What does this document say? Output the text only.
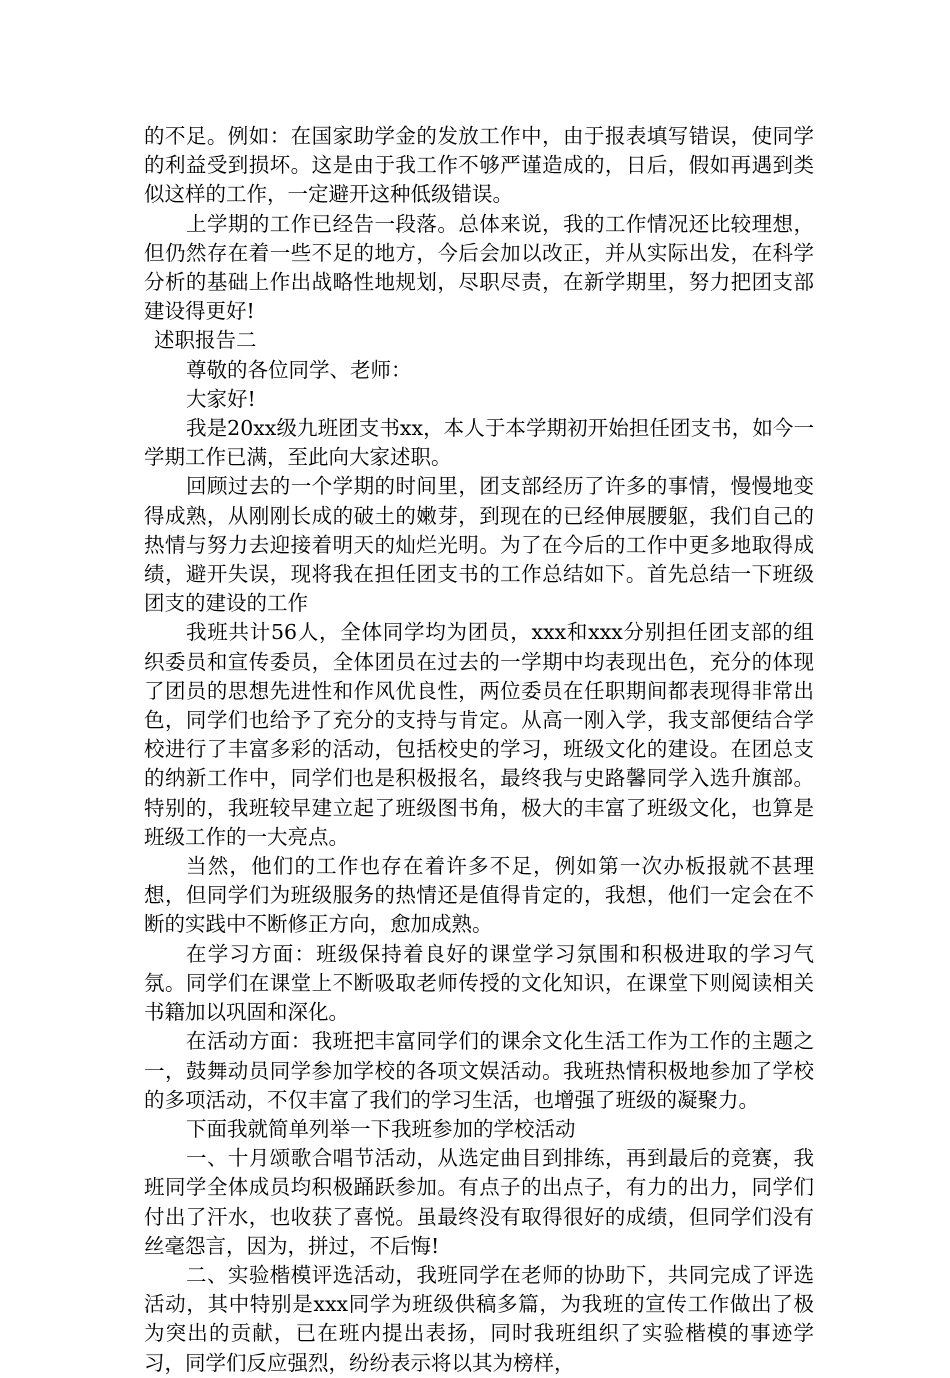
的不足。例如：在国家助学金的发放工作中，由于报表填写错误，使同学的利益受到损坏。这是由于我工作不够严谨造成的，日后，假如再遇到类似这样的工作，一定避开这种低级错误。

上学期的工作已经告一段落。总体来说，我的工作情况还比较理想，但仍然存在着一些不足的地方，今后会加以改正，并从实际出发，在科学分析的基础上作出战略性地规划，尽职尽责，在新学期里，努力把团支部建设得更好!

述职报告二

尊敬的各位同学、老师：

大家好!

我是20xx级九班团支书xx，本人于本学期初开始担任团支书，如今一学期工作已满，至此向大家述职。

回顾过去的一个学期的时间里，团支部经历了许多的事情，慢慢地变得成熟，从刚刚长成的破土的嫩芽，到现在的已经伸展腰躯，我们自己的热情与努力去迎接着明天的灿烂光明。为了在今后的工作中更多地取得成绩，避开失误，现将我在担任团支书的工作总结如下。首先总结一下班级团支的建设的工作

我班共计56人，全体同学均为团员，xxx和xxx分别担任团支部的组织委员和宣传委员，全体团员在过去的一学期中均表现出色，充分的体现了团员的思想先进性和作风优良性，两位委员在任职期间都表现得非常出色，同学们也给予了充分的支持与肯定。从高一刚入学，我支部便结合学校进行了丰富多彩的活动，包括校史的学习，班级文化的建设。在团总支的纳新工作中，同学们也是积极报名，最终我与史路馨同学入选升旗部。特别的，我班较早建立起了班级图书角，极大的丰富了班级文化，也算是班级工作的一大亮点。

当然，他们的工作也存在着许多不足，例如第一次办板报就不甚理想，但同学们为班级服务的热情还是值得肯定的，我想，他们一定会在不断的实践中不断修正方向，愈加成熟。

在学习方面：班级保持着良好的课堂学习氛围和积极进取的学习气氛。同学们在课堂上不断吸取老师传授的文化知识，在课堂下则阅读相关书籍加以巩固和深化。

在活动方面：我班把丰富同学们的课余文化生活工作为工作的主题之一，鼓舞动员同学参加学校的各项文娱活动。我班热情积极地参加了学校的多项活动，不仅丰富了我们的学习生活，也增强了班级的凝聚力。

下面我就简单列举一下我班参加的学校活动

一、十月颂歌合唱节活动，从选定曲目到排练，再到最后的竞赛，我班同学全体成员均积极踊跃参加。有点子的出点子，有力的出力，同学们付出了汗水，也收获了喜悦。虽最终没有取得很好的成绩，但同学们没有丝毫怨言，因为，拼过，不后悔!

二、实验楷模评选活动，我班同学在老师的协助下，共同完成了评选活动，其中特别是xxx同学为班级供稿多篇，为我班的宣传工作做出了极为突出的贡献，已在班内提出表扬，同时我班组织了实验楷模的事迹学习，同学们反应强烈，纷纷表示将以其为榜样，
